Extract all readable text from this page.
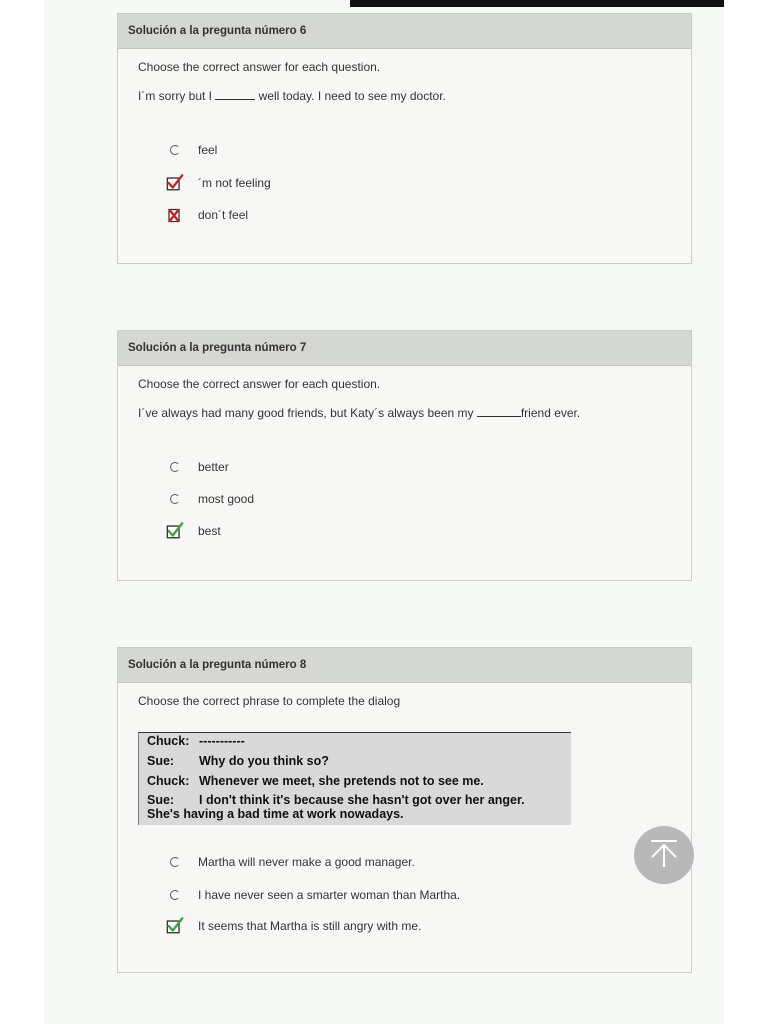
Solución a la pregunta número 6
Choose the correct answer for each question.
I´m sorry but I	well today. I need to see my doctor.
feel
´m not feeling
don´t feel
Solución a la pregunta número 7
Choose the correct answer for each question.
I´ve always had many good friends, but Katy´s always been my	friend ever.
better
most good
best
Solución a la pregunta número 8
Choose the correct phrase to complete the dialog
Chuck: -----------
Sue: Why do you think so?
Chuck: Whenever we meet, she pretends not to see me.
Sue: I don't think it's because she hasn't got over her anger.
She's having a bad time at work nowadays.
Martha will never make a good manager.
I have never seen a smarter woman than Martha.
It seems that Martha is still angry with me.
